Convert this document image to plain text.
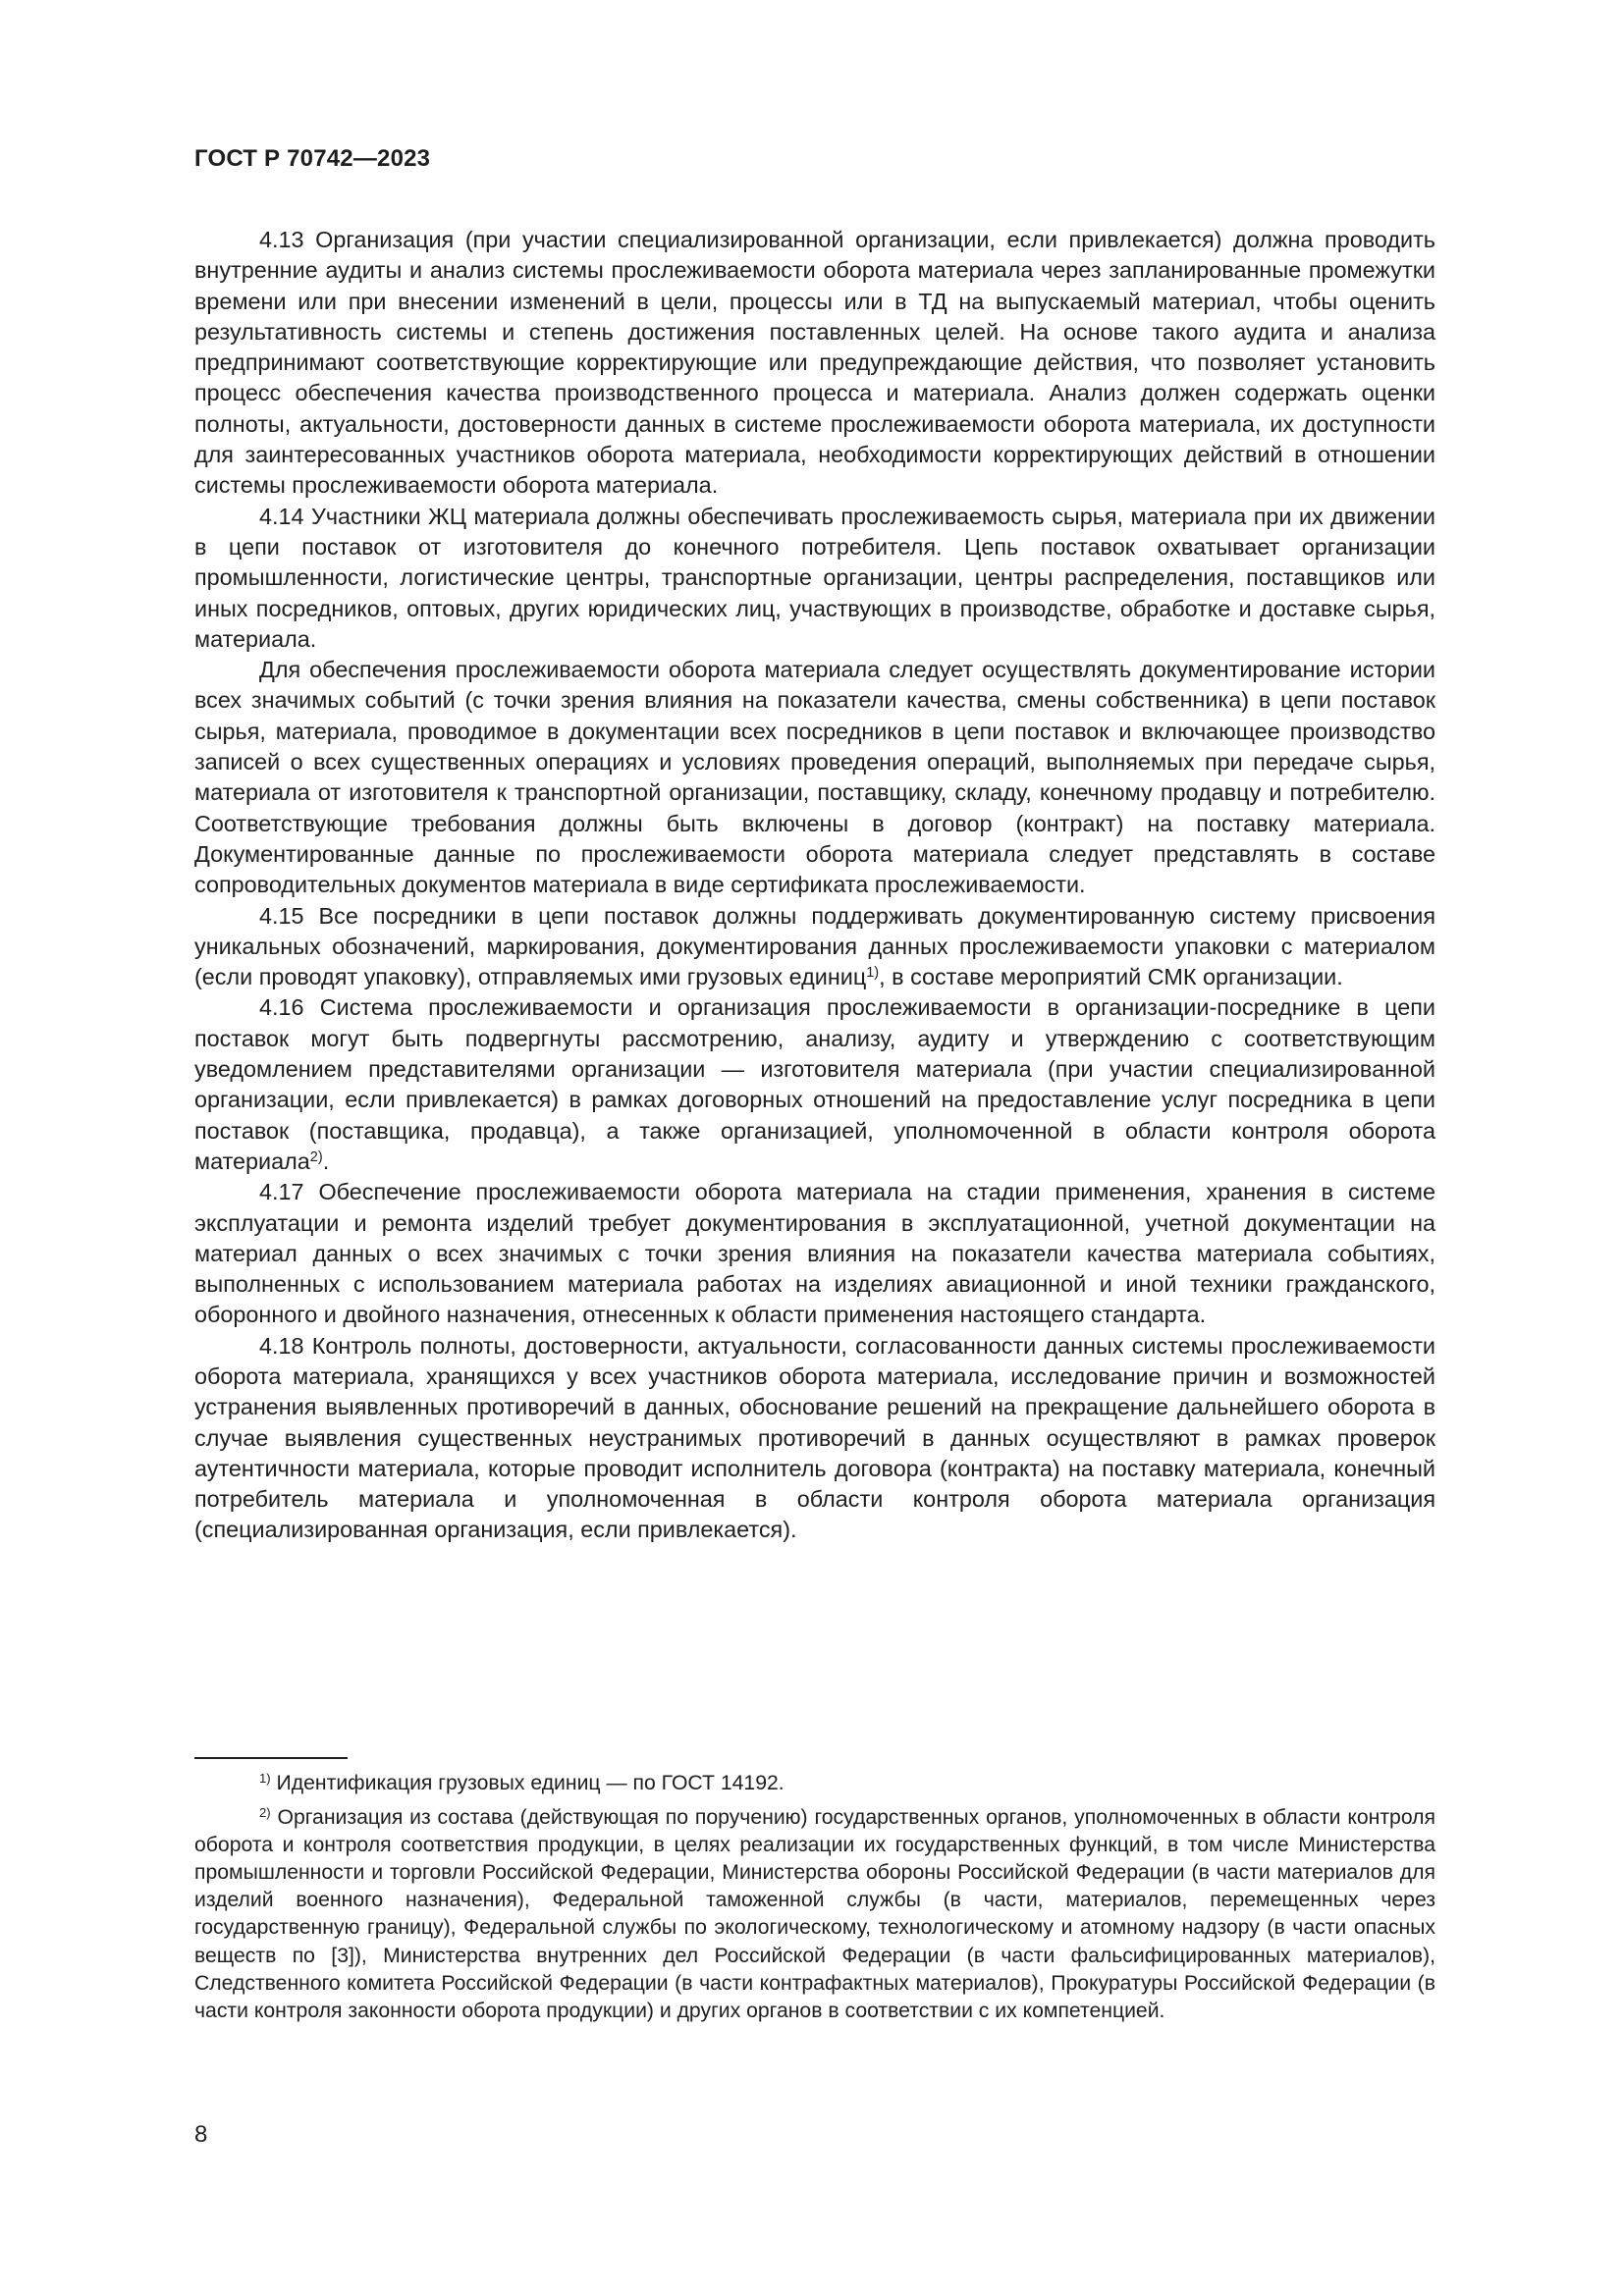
ГОСТ Р 70742—2023

4.13 Организация (при участии специализированной организации, если привлекается) должна проводить внутренние аудиты и анализ системы прослеживаемости оборота материала через запланированные промежутки времени или при внесении изменений в цели, процессы или в ТД на выпускаемый материал, чтобы оценить результативность системы и степень достижения поставленных целей. На основе такого аудита и анализа предпринимают соответствующие корректирующие или предупреждающие действия, что позволяет установить процесс обеспечения качества производственного процесса и материала. Анализ должен содержать оценки полноты, актуальности, достоверности данных в системе прослеживаемости оборота материала, их доступности для заинтересованных участников оборота материала, необходимости корректирующих действий в отношении системы прослеживаемости оборота материала.

4.14 Участники ЖЦ материала должны обеспечивать прослеживаемость сырья, материала при их движении в цепи поставок от изготовителя до конечного потребителя. Цепь поставок охватывает организации промышленности, логистические центры, транспортные организации, центры распределения, поставщиков или иных посредников, оптовых, других юридических лиц, участвующих в производстве, обработке и доставке сырья, материала.

Для обеспечения прослеживаемости оборота материала следует осуществлять документирование истории всех значимых событий (с точки зрения влияния на показатели качества, смены собственника) в цепи поставок сырья, материала, проводимое в документации всех посредников в цепи поставок и включающее производство записей о всех существенных операциях и условиях проведения операций, выполняемых при передаче сырья, материала от изготовителя к транспортной организации, поставщику, складу, конечному продавцу и потребителю. Соответствующие требования должны быть включены в договор (контракт) на поставку материала. Документированные данные по прослеживаемости оборота материала следует представлять в составе сопроводительных документов материала в виде сертификата прослеживаемости.

4.15 Все посредники в цепи поставок должны поддерживать документированную систему присвоения уникальных обозначений, маркирования, документирования данных прослеживаемости упаковки с материалом (если проводят упаковку), отправляемых ими грузовых единиц$^{1)}$, в составе мероприятий СМК организации.

4.16 Система прослеживаемости и организация прослеживаемости в организации-посреднике в цепи поставок могут быть подвергнуты рассмотрению, анализу, аудиту и утверждению с соответствующим уведомлением представителями организации — изготовителя материала (при участии специализированной организации, если привлекается) в рамках договорных отношений на предоставление услуг посредника в цепи поставок (поставщика, продавца), а также организацией, уполномоченной в области контроля оборота материала$^{2)}$.

4.17 Обеспечение прослеживаемости оборота материала на стадии применения, хранения в системе эксплуатации и ремонта изделий требует документирования в эксплуатационной, учетной документации на материал данных о всех значимых с точки зрения влияния на показатели качества материала событиях, выполненных с использованием материала работах на изделиях авиационной и иной техники гражданского, оборонного и двойного назначения, отнесенных к области применения настоящего стандарта.

4.18 Контроль полноты, достоверности, актуальности, согласованности данных системы прослеживаемости оборота материала, хранящихся у всех участников оборота материала, исследование причин и возможностей устранения выявленных противоречий в данных, обоснование решений на прекращение дальнейшего оборота в случае выявления существенных неустранимых противоречий в данных осуществляют в рамках проверок аутентичности материала, которые проводит исполнитель договора (контракта) на поставку материала, конечный потребитель материала и уполномоченная в области контроля оборота материала организация (специализированная организация, если привлекается).

$^{1)}$ Идентификация грузовых единиц — по ГОСТ 14192.

$^{2)}$ Организация из состава (действующая по поручению) государственных органов, уполномоченных в области контроля оборота и контроля соответствия продукции, в целях реализации их государственных функций, в том числе Министерства промышленности и торговли Российской Федерации, Министерства обороны Российской Федерации (в части материалов для изделий военного назначения), Федеральной таможенной службы (в части, материалов, перемещенных через государственную границу), Федеральной службы по экологическому, технологическому и атомному надзору (в части опасных веществ по [3]), Министерства внутренних дел Российской Федерации (в части фальсифицированных материалов), Следственного комитета Российской Федерации (в части контрафактных материалов), Прокуратуры Российской Федерации (в части контроля законности оборота продукции) и других органов в соответствии с их компетенцией.

8
